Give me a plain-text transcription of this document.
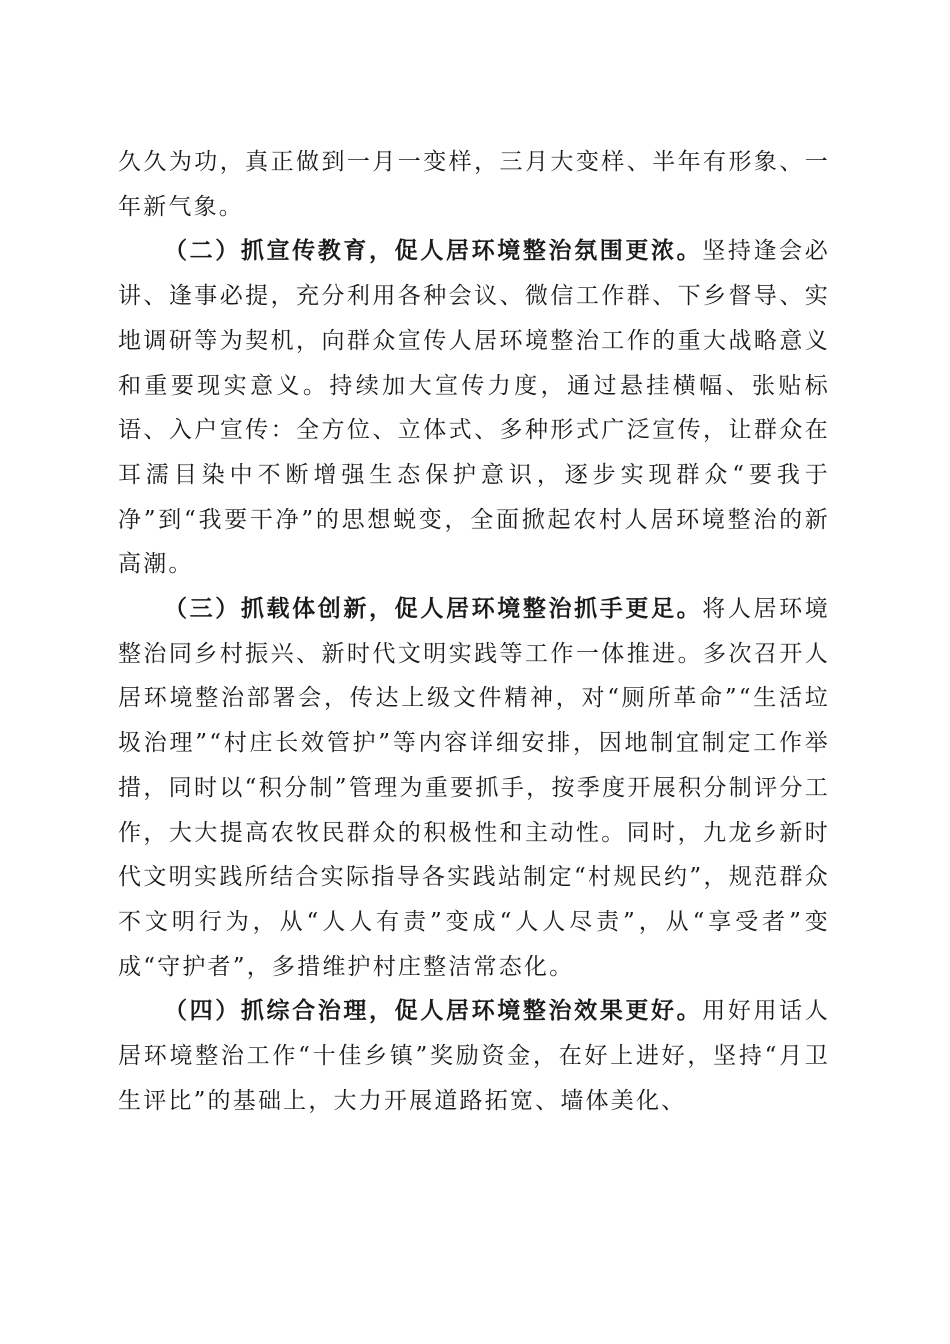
久久为功，真正做到一月一变样，三月大变样、半年有形象、一年新气象。

（二）抓宣传教育，促人居环境整治氛围更浓。坚持逢会必讲、逢事必提，充分利用各种会议、微信工作群、下乡督导、实地调研等为契机，向群众宣传人居环境整治工作的重大战略意义和重要现实意义。持续加大宣传力度，通过悬挂横幅、张贴标语、入户宣传：全方位、立体式、多种形式广泛宣传，让群众在耳濡目染中不断增强生态保护意识，逐步实现群众“要我于净”到“我要干净”的思想蜕变，全面掀起农村人居环境整治的新高潮。

（三）抓载体创新，促人居环境整治抓手更足。将人居环境整治同乡村振兴、新时代文明实践等工作一体推进。多次召开人居环境整治部署会，传达上级文件精神，对“厕所革命”“生活垃圾治理”“村庄长效管护”等内容详细安排，因地制宜制定工作举措，同时以“积分制”管理为重要抓手，按季度开展积分制评分工作，大大提高农牧民群众的积极性和主动性。同时，九龙乡新时代文明实践所结合实际指导各实践站制定“村规民约”，规范群众不文明行为，从“人人有责”变成“人人尽责”，从“享受者”变成“守护者”，多措维护村庄整洁常态化。

（四）抓综合治理，促人居环境整治效果更好。用好用话人居环境整治工作“十佳乡镇”奖励资金，在好上进好，坚持“月卫生评比”的基础上，大力开展道路拓宽、墙体美化、
